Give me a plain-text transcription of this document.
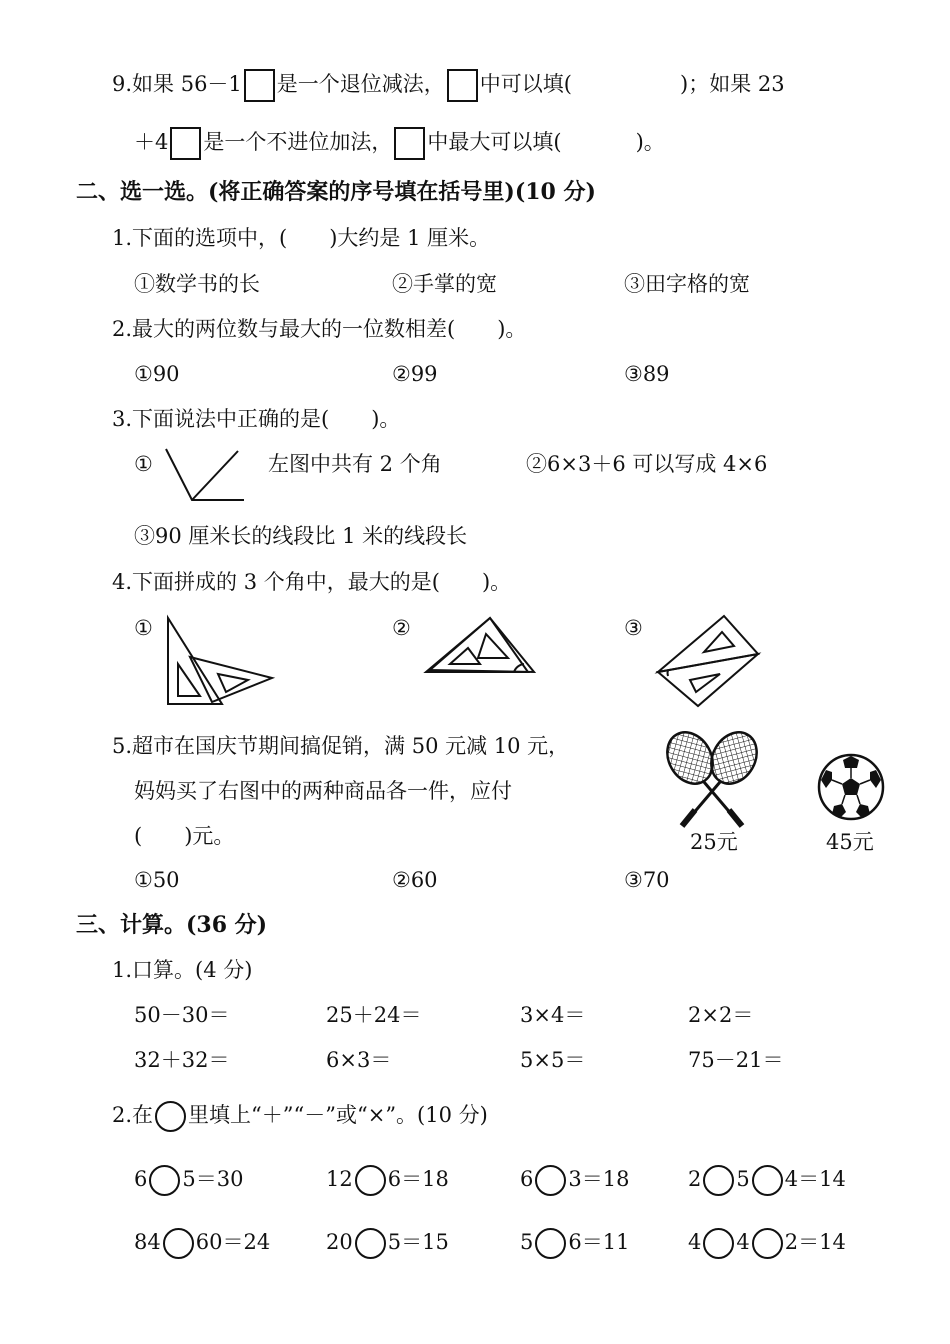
9.如果 56－1 是一个退位减法， 中可以填(	)；如果 23
＋4 是一个不进位加法， 中最大可以填(	)。
二、选一选。(将正确答案的序号填在括号里)(10 分)
1.下面的选项中，(　　)大约是 1 厘米。
①数学书的长	②手掌的宽	③田字格的宽
2.最大的两位数与最大的一位数相差(　　)。
①90	②99	③89
3.下面说法中正确的是(　　)。
①	左图中共有 2 个角	②6×3＋6 可以写成 4×6
③90 厘米长的线段比 1 米的线段长
4.下面拼成的 3 个角中，最大的是(　　)。
①	②	③
5.超市在国庆节期间搞促销，满 50 元减 10 元，
妈妈买了右图中的两种商品各一件，应付
(　　)元。	25元	45元
①50	②60	③70
三、计算。(36 分)
1.口算。(4 分)
50－30＝	25＋24＝	3×4＝	2×2＝
32＋32＝	6×3＝	5×5＝	75－21＝
2.在 里填上“＋”“－”或“×”。(10 分)
6 5＝30	12 6＝18	6 3＝18	2 5 4＝14
84 60＝24	20 5＝15	5 6＝11	4 4 2＝14
